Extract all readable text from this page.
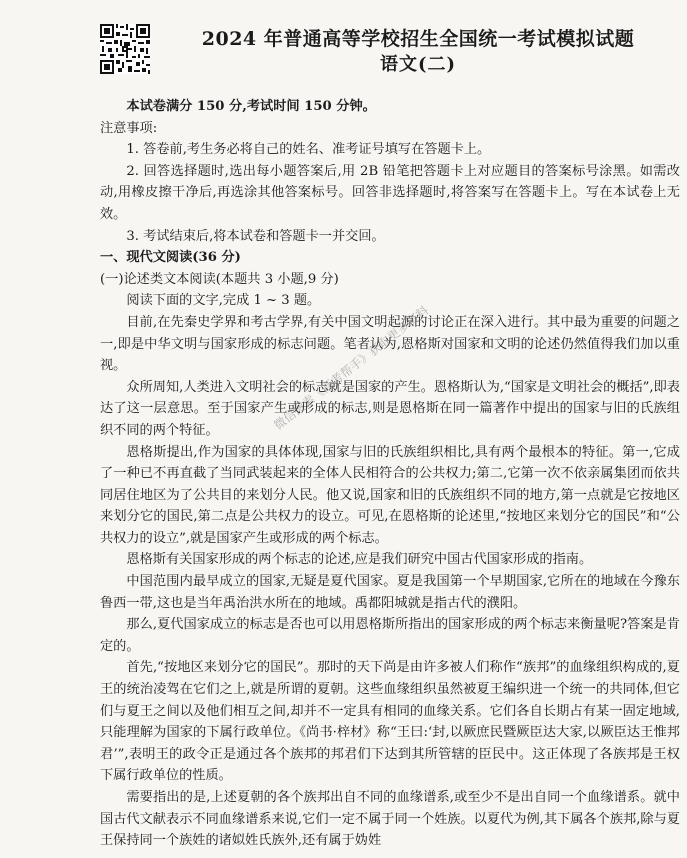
2024 年普通高等学校招生全国统一考试模拟试题
语文(二)

本试卷满分 150 分,考试时间 150 分钟。

注意事项:

1. 答卷前,考生务必将自己的姓名、准考证号填写在答题卡上。

2. 回答选择题时,选出每小题答案后,用 2B 铅笔把答题卡上对应题目的答案标号涂黑。如需改动,用橡皮擦干净后,再选涂其他答案标号。回答非选择题时,将答案写在答题卡上。写在本试卷上无效。

3. 考试结束后,将本试卷和答题卡一并交回。

一、现代文阅读(36 分)

(一)论述类文本阅读(本题共 3 小题,9 分)

阅读下面的文字,完成 1 ~ 3 题。

目前,在先秦史学界和考古学界,有关中国文明起源的讨论正在深入进行。其中最为重要的问题之一,即是中华文明与国家形成的标志问题。笔者认为,恩格斯对国家和文明的论述仍然值得我们加以重视。

众所周知,人类进入文明社会的标志就是国家的产生。恩格斯认为,“国家是文明社会的概括”,即表达了这一层意思。至于国家产生或形成的标志,则是恩格斯在同一篇著作中提出的国家与旧的氏族组织不同的两个特征。

恩格斯提出,作为国家的具体体现,国家与旧的氏族组织相比,具有两个最根本的特征。第一,它成了一种已不再直截了当同武装起来的全体人民相符合的公共权力;第二,它第一次不依亲属集团而依共同居住地区为了公共目的来划分人民。他又说,国家和旧的氏族组织不同的地方,第一点就是它按地区来划分它的国民,第二点是公共权力的设立。可见,在恩格斯的论述里,“按地区来划分它的国民”和“公共权力的设立”,就是国家产生或形成的两个标志。

恩格斯有关国家形成的两个标志的论述,应是我们研究中国古代国家形成的指南。

中国范围内最早成立的国家,无疑是夏代国家。夏是我国第一个早期国家,它所在的地域在今豫东鲁西一带,这也是当年禹治洪水所在的地域。禹都阳城就是指古代的濮阳。

那么,夏代国家成立的标志是否也可以用恩格斯所指出的国家形成的两个标志来衡量呢?答案是肯定的。

首先,“按地区来划分它的国民”。那时的天下尚是由许多被人们称作“族邦”的血缘组织构成的,夏王的统治凌驾在它们之上,就是所谓的夏朝。这些血缘组织虽然被夏王编织进一个统一的共同体,但它们与夏王之间以及他们相互之间,却并不一定具有相同的血缘关系。它们各自长期占有某一固定地域,只能理解为国家的下属行政单位。《尚书·梓材》称“王曰:‘封,以厥庶民暨厥臣达大家,以厥臣达王惟邦君’”,表明王的政令正是通过各个族邦的邦君们下达到其所管辖的臣民中。这正体现了各族邦是王权下属行政单位的性质。

需要指出的是,上述夏朝的各个族邦出自不同的血缘谱系,或至少不是出自同一个血缘谱系。就中国古代文献表示不同血缘谱系来说,它们一定不属于同一个姓族。以夏代为例,其下属各个族邦,除与夏王保持同一个族姓的诸姒姓氏族外,还有属于妫姓

微信搜索《高考帮手》获取更多资料
